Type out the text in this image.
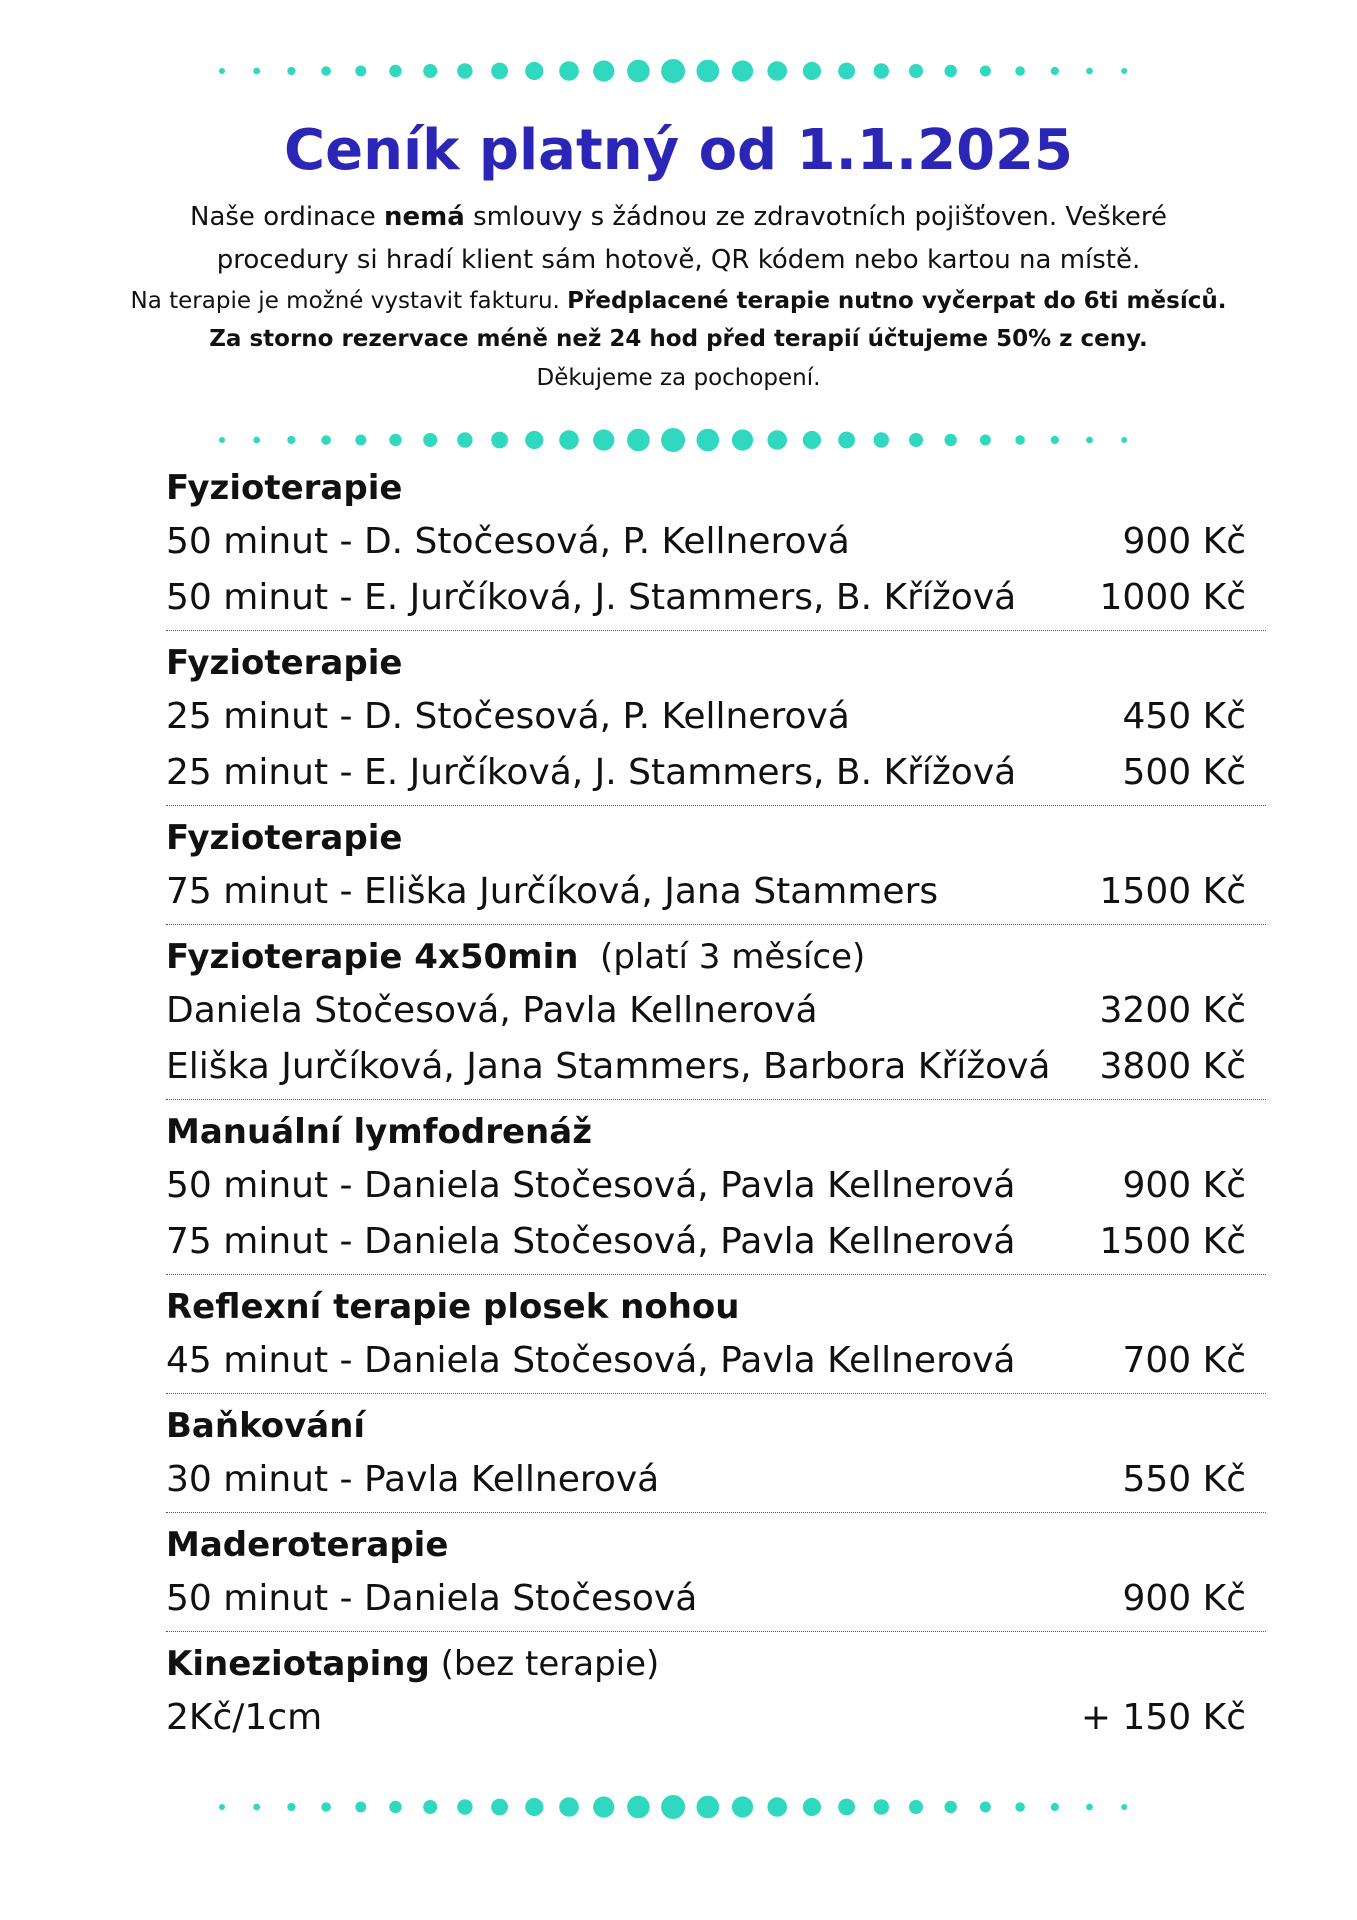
Ceník platný od 1.1.2025
Naše ordinace nemá smlouvy s žádnou ze zdravotních pojišťoven. Veškeré
procedury si hradí klient sám hotově, QR kódem nebo kartou na místě.
Na terapie je možné vystavit fakturu. Předplacené terapie nutno vyčerpat do 6ti měsíců.
Za storno rezervace méně než 24 hod před terapií účtujeme 50% z ceny.
Děkujeme za pochopení.
Fyzioterapie
50 minut - D. Stočesová, P. Kellnerová	900 Kč
50 minut - E. Jurčíková, J. Stammers, B. Křížová	1000 Kč
Fyzioterapie
25 minut - D. Stočesová, P. Kellnerová	450 Kč
25 minut - E. Jurčíková, J. Stammers, B. Křížová	500 Kč
Fyzioterapie
75 minut - Eliška Jurčíková, Jana Stammers	1500 Kč
Fyzioterapie 4x50min  (platí 3 měsíce)
Daniela Stočesová, Pavla Kellnerová	3200 Kč
Eliška Jurčíková, Jana Stammers, Barbora Křížová	3800 Kč
Manuální lymfodrenáž
50 minut - Daniela Stočesová, Pavla Kellnerová	900 Kč
75 minut - Daniela Stočesová, Pavla Kellnerová	1500 Kč
Reflexní terapie plosek nohou
45 minut - Daniela Stočesová, Pavla Kellnerová	700 Kč
Baňkování
30 minut - Pavla Kellnerová	550 Kč
Maderoterapie
50 minut - Daniela Stočesová	900 Kč
Kineziotaping (bez terapie)
2Kč/1cm	+ 150 Kč
